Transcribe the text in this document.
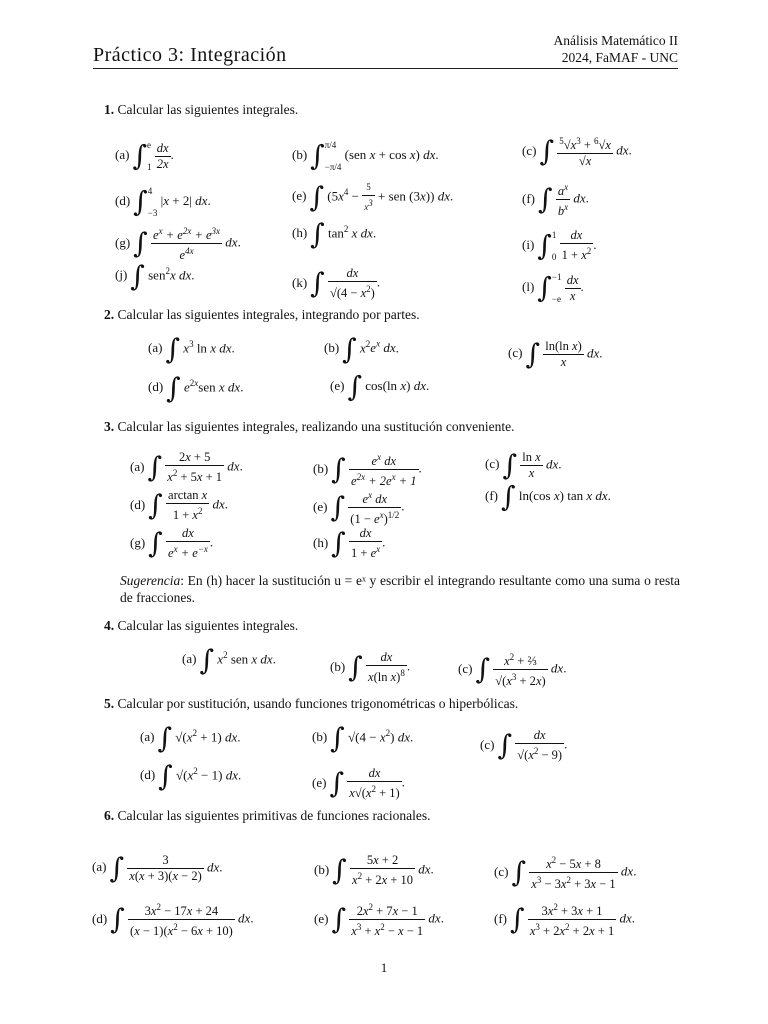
Práctico 3: Integración
Análisis Matemático II
2024, FaMAF - UNC
1. Calcular las siguientes integrales.
(a) ∫ e
1
$\frac{dx}{2x}$ .	(b) ∫ π/4
−π/4
(sen x + cos x) dx.	(c) ∫ $\frac{^5√x^3 + ^6√x}{√x}$ dx.
(d) ∫ 4
−3
|x + 2| dx.	(e) ∫ ($5x^4 - \frac{5}{x^3}$ + sen (3x)) dx.	(f) ∫ $\frac{a^x}{b^x}$ dx.
(g) ∫ $\frac{e^x + e^{2x} + e^{3x}}{e^{4x}}$ dx.
(h) ∫ $\tan^2 x$ dx.
(i) ∫ 1
0
$\frac{dx}{1 + x^2}$ .
(j) ∫ sen$^2$x dx.	(k) ∫ $\frac{dx}{√(4 - x^2)}$ .	(l) ∫ −1
−e
$\frac{dx}{x}$ .
2. Calcular las siguientes integrales, integrando por partes.
(a) ∫ $x^3$ ln x dx.	(b) ∫ $x^2e^x$ dx.	(c) ∫ $\frac{\text{ln(ln x)}}{x}$ dx.
(d) ∫ $e^{2x}sen$ x dx.	(e) ∫ cos(ln x) dx.
3. Calcular las siguientes integrales, realizando una sustitución conveniente.
(a) ∫ $\frac{2x + 5}{x^2 + 5x + 1}$ dx.	(b) ∫ $\frac{e^x dx}{e^{2x} + 2e^x + 1}$ .	(c) ∫ $\frac{\text{ln x}}{x}$ dx.
(d) ∫ $\frac{\text{arctan x}}{1 + x^2}$ dx.	(e) ∫ $\frac{e^x dx}{(1 - e^x)^{1/2}}$ .
(f) ∫ ln(cos x) tan x dx.
(g) ∫ $\frac{dx}{e^x + e^{-x}}$ .	(h) ∫ $\frac{dx}{1 + e^x}$ .
Sugerencia: En (h) hacer la sustitución u = eˣ y escribir el integrando resultante como una suma o resta de fracciones.
4. Calcular las siguientes integrales.
(a) ∫ $x^2$ sen x dx.	(b) ∫ $\frac{dx}{x(\ln x)^8}$ .	(c) ∫ $\frac{x^2 + \frac{2}{3}}{√(x^3 + 2x)}$ dx.
5. Calcular por sustitución, usando funciones trigonométricas o hiperbólicas.
(a) ∫ $√(x^2 + 1)$ dx.	(b) ∫ $√(4 - x^2)$ dx.	(c) ∫ $\frac{dx}{√(x^2 - 9)}$ .
(d) ∫ $√(x^2 - 1)$ dx.	(e) ∫ $\frac{dx}{x√(x^2 + 1)}$ .
6. Calcular las siguientes primitivas de funciones racionales.
(a) ∫ $\frac{3}{x(x + 3)(x - 2)}$ dx.	(b) ∫ $\frac{5x + 2}{x^2 + 2x + 10}$ dx.	(c) ∫ $\frac{x^2 - 5x + 8}{x^3 - 3x^2 + 3x - 1}$ dx.
(d) ∫ $\frac{3x^2 - 17x + 24}{(x - 1)(x^2 - 6x + 10)}$ dx.	(e) ∫ $\frac{2x^2 + 7x - 1}{x^3 + x^2 - x - 1}$ dx.	(f) ∫ $\frac{3x^2 + 3x + 1}{x^3 + 2x^2 + 2x + 1}$ dx.
1
